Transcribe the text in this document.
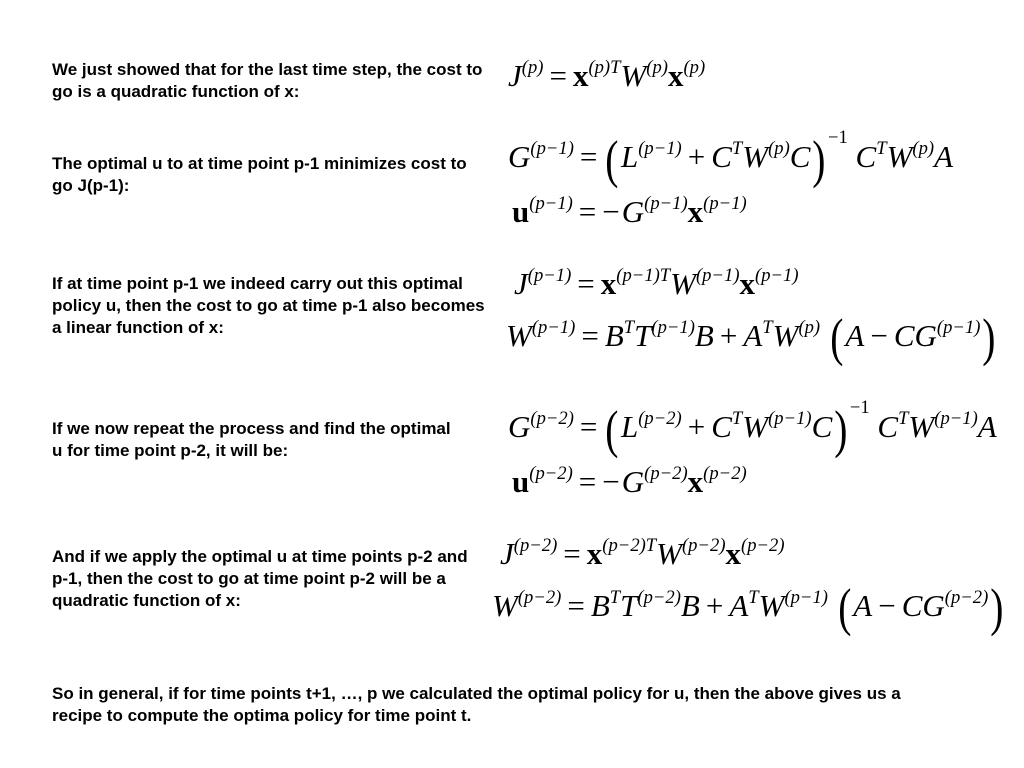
We just showed that for the last time step, the cost to go is a quadratic function of x:

The optimal u to at time point p-1 minimizes cost to go J(p-1):

If at time point p-1 we indeed carry out this optimal policy u, then the cost to go at time p-1 also becomes a linear function of x:

If we now repeat the process and find the optimal u for time point p-2, it will be:

And if we apply the optimal u at time points p-2 and p-1, then the cost to go at time point p-2 will be a quadratic function of x:

So in general, if for time points t+1, …, p we calculated the optimal policy for u, then the above gives us a recipe to compute the optima policy for time point t.

$J^{(p)} = x^{(p)T}W^{(p)}x^{(p)}$
$G^{(p-1)} = (L^{(p-1)} + C^TW^{(p)}C)$ $^{-1}$ $C^TW^{(p)}A$
$u^{(p-1)} = -G^{(p-1)}x^{(p-1)}$
$J^{(p-1)} = x^{(p-1)T}W^{(p-1)}x^{(p-1)}$
$W^{(p-1)} = B^TT^{(p-1)}B + A^TW^{(p)}$ $(A - CG^{(p-1)})$
$G^{(p-2)} = (L^{(p-2)} + C^TW^{(p-1)}C)$ $^{-1}$ $C^TW^{(p-1)}A$
$u^{(p-2)} = -G^{(p-2)}x^{(p-2)}$
$J^{(p-2)} = x^{(p-2)T}W^{(p-2)}x^{(p-2)}$
$W^{(p-2)} = B^TT^{(p-2)}B + A^TW^{(p-1)}$ $(A - CG^{(p-2)})$
